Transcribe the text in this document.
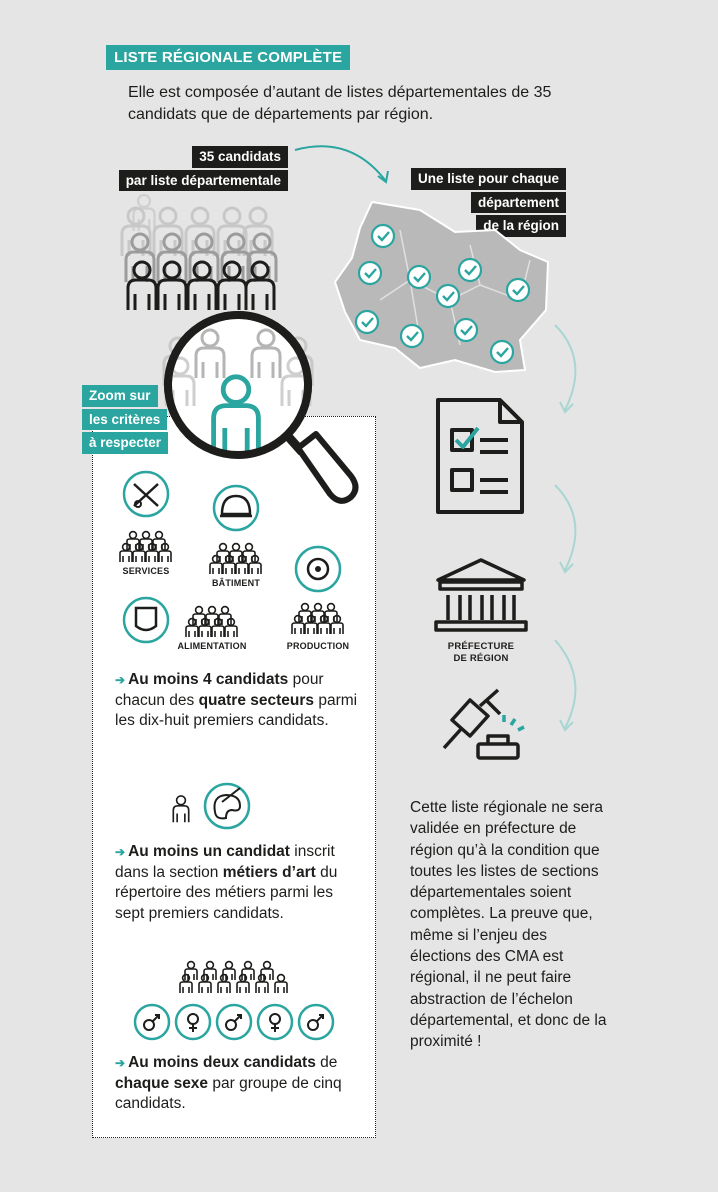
LISTE RÉGIONALE COMPLÈTE

Elle est composée d’autant de listes départementales de 35 candidats que de départements par région.

35 candidats
par liste départementale	Une liste pour chaque
département
de la région
Zoom sur
les critères
à respecter
SERVICES
BÂTIMENT
ALIMENTATION	PRODUCTION

➔ Au moins 4 candidats pour chacun des quatre secteurs parmi les dix-huit premiers candidats.

➔ Au moins un candidat inscrit dans la section métiers d’art du répertoire des métiers parmi les sept premiers candidats.

➔ Au moins deux candidats de chaque sexe par groupe de cinq candidats.

PRÉFECTURE
DE RÉGION

Cette liste régionale ne sera validée en préfecture de région qu’à la condition que toutes les listes de sections départementales soient complètes. La preuve que, même si l’enjeu des élections des CMA est régional, il ne peut faire abstraction de l’échelon départemental, et donc de la proximité !
